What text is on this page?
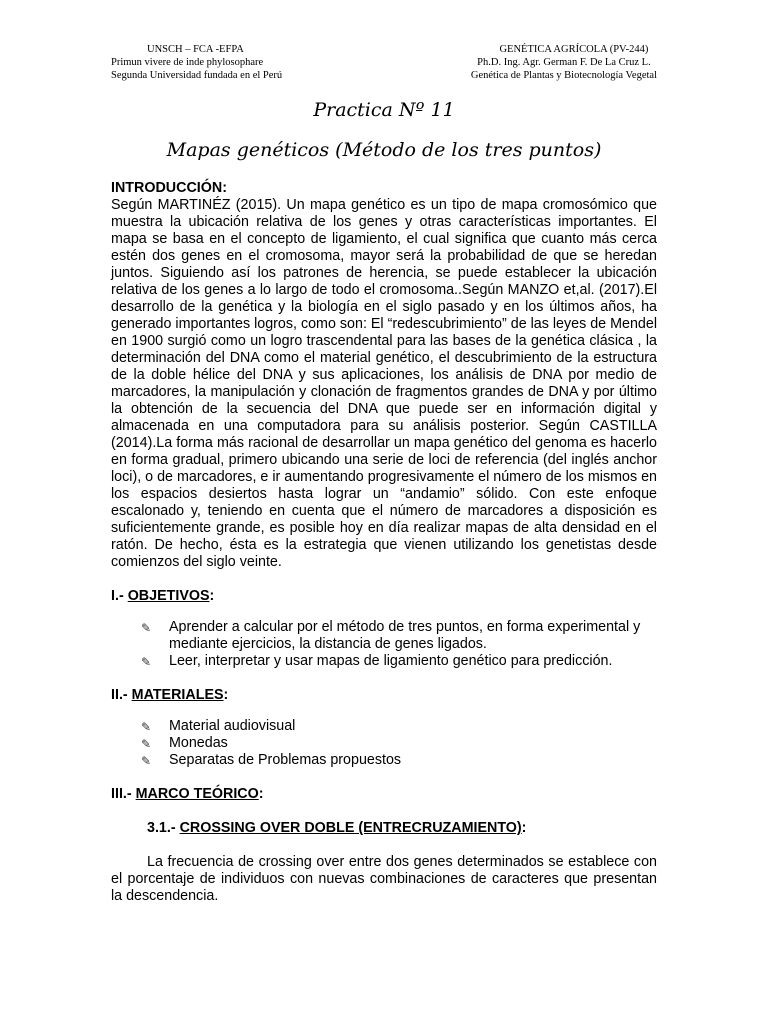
UNSCH – FCA -EFPA
Primun vivere de inde phylosophare
Segunda Universidad fundada en el Perú
GENÉTICA AGRÍCOLA (PV-244)
Ph.D. Ing. Agr. German F. De La Cruz L.
Genética de Plantas y Biotecnología Vegetal
Practica Nº 11
Mapas genéticos (Método de los tres puntos)
INTRODUCCIÓN:

Según MARTINÉZ (2015). Un mapa genético es un tipo de mapa cromosómico que muestra la ubicación relativa de los genes y otras características importantes. El mapa se basa en el concepto de ligamiento, el cual significa que cuanto más cerca estén dos genes en el cromosoma, mayor será la probabilidad de que se heredan juntos. Siguiendo así los patrones de herencia, se puede establecer la ubicación relativa de los genes a lo largo de todo el cromosoma..Según MANZO et,al. (2017).El desarrollo de la genética y la biología en el siglo pasado y en los últimos años, ha generado importantes logros, como son: El “redescubrimiento” de las leyes de Mendel en 1900 surgió como un logro trascendental para las bases de la genética clásica , la determinación del DNA como el material genético, el descubrimiento de la estructura de la doble hélice del DNA y sus aplicaciones, los análisis de DNA por medio de marcadores, la manipulación y clonación de fragmentos grandes de DNA y por último la obtención de la secuencia del DNA que puede ser en información digital y almacenada en una computadora para su análisis posterior. Según CASTILLA (2014).La forma más racional de desarrollar un mapa genético del genoma es hacerlo en forma gradual, primero ubicando una serie de loci de referencia (del inglés anchor loci), o de marcadores, e ir aumentando progresivamente el número de los mismos en los espacios desiertos hasta lograr un “andamio” sólido. Con este enfoque escalonado y, teniendo en cuenta que el número de marcadores a disposición es suficientemente grande, es posible hoy en día realizar mapas de alta densidad en el ratón. De hecho, ésta es la estrategia que vienen utilizando los genetistas desde comienzos del siglo veinte.

I.- OBJETIVOS:
✎ Aprender a calcular por el método de tres puntos, en forma experimental y mediante ejercicios, la distancia de genes ligados.
✎ Leer, interpretar y usar mapas de ligamiento genético para predicción.
II.- MATERIALES:
✎ Material audiovisual
✎ Monedas
✎ Separatas de Problemas propuestos
III.- MARCO TEÓRICO:
3.1.- CROSSING OVER DOBLE (ENTRECRUZAMIENTO):
La frecuencia de crossing over entre dos genes determinados se establece con el porcentaje de individuos con nuevas combinaciones de caracteres que presentan la descendencia.
